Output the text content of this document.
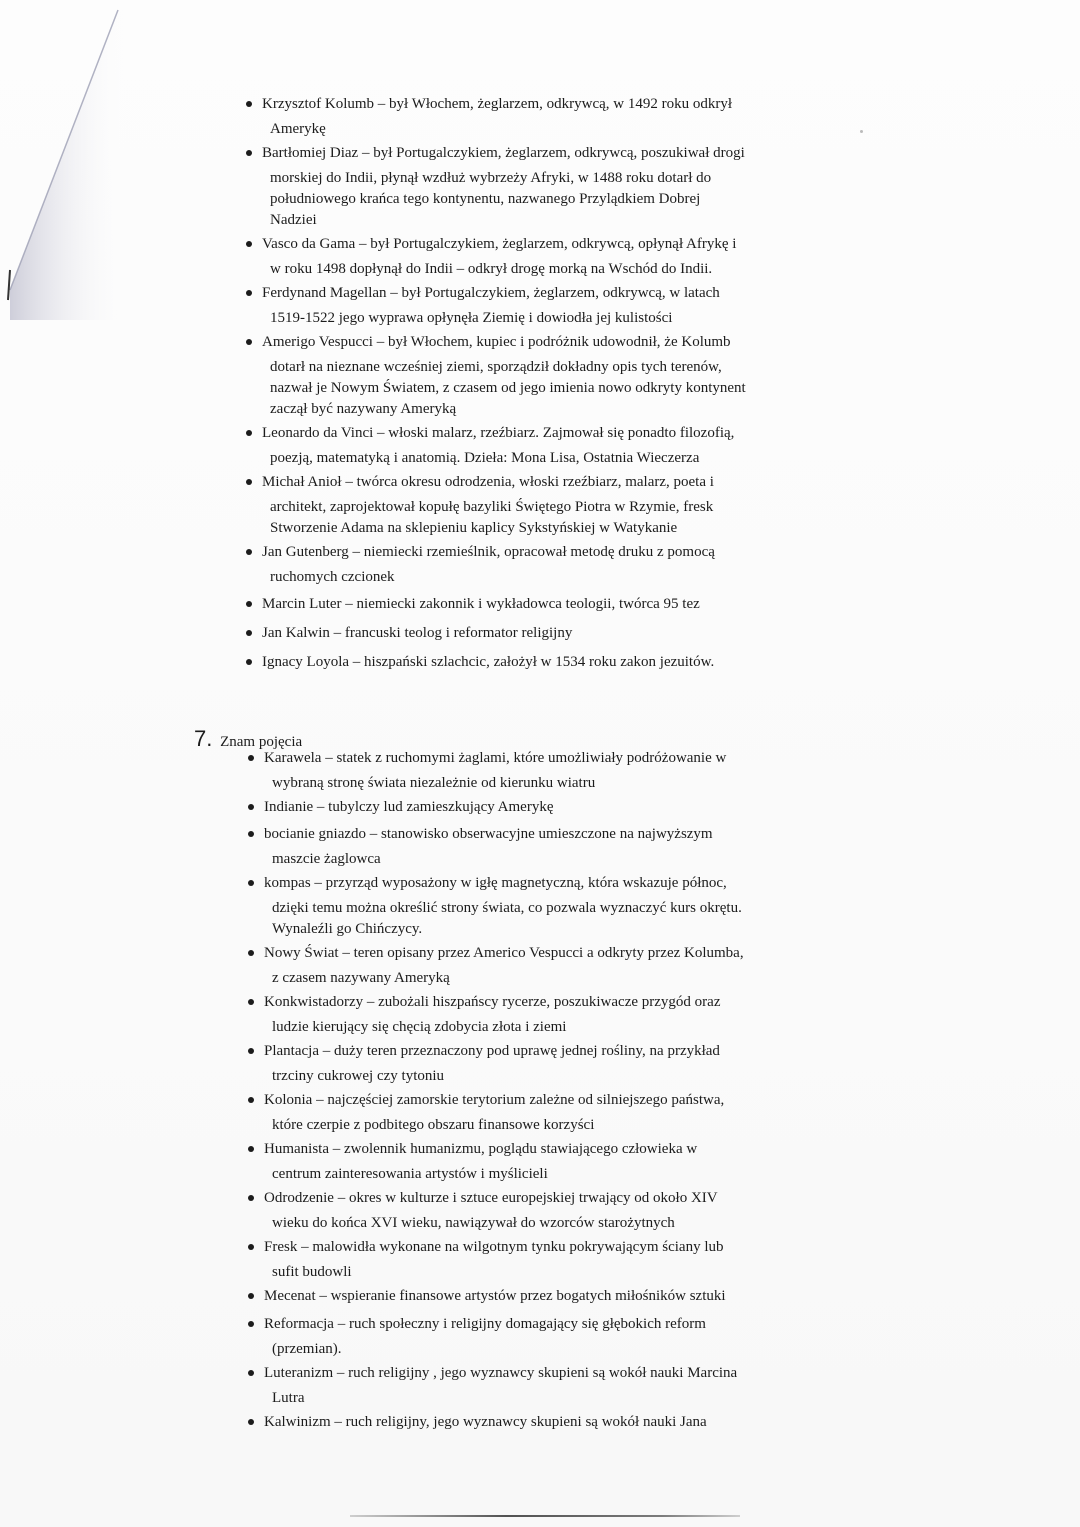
Krzysztof Kolumb – był Włochem, żeglarzem, odkrywcą, w 1492 roku odkrył
Amerykę
Bartłomiej Diaz – był Portugalczykiem, żeglarzem, odkrywcą, poszukiwał drogi
morskiej do Indii, płynął wzdłuż wybrzeży Afryki, w 1488 roku dotarł do
południowego krańca tego kontynentu, nazwanego Przylądkiem Dobrej
Nadziei
Vasco da Gama – był Portugalczykiem, żeglarzem, odkrywcą, opłynął Afrykę i
w roku 1498 dopłynął do Indii – odkrył drogę morką na Wschód do Indii.
Ferdynand Magellan – był Portugalczykiem, żeglarzem, odkrywcą, w latach
1519-1522 jego wyprawa opłynęła Ziemię i dowiodła jej kulistości
Amerigo Vespucci – był Włochem, kupiec i podróżnik udowodnił, że Kolumb
dotarł na nieznane wcześniej ziemi, sporządził dokładny opis tych terenów,
nazwał je Nowym Światem, z czasem od jego imienia nowo odkryty kontynent
zaczął być nazywany Ameryką
Leonardo da Vinci – włoski malarz, rzeźbiarz. Zajmował się ponadto filozofią,
poezją, matematyką i anatomią. Dzieła: Mona Lisa, Ostatnia Wieczerza
Michał Anioł – twórca okresu odrodzenia, włoski rzeźbiarz, malarz, poeta i
architekt, zaprojektował kopułę bazyliki Świętego Piotra w Rzymie, fresk
Stworzenie Adama na sklepieniu kaplicy Sykstyńskiej w Watykanie
Jan Gutenberg – niemiecki rzemieślnik, opracował metodę druku z pomocą
ruchomych czcionek
Marcin Luter – niemiecki zakonnik i wykładowca teologii, twórca 95 tez
Jan Kalwin – francuski teolog i reformator religijny
Ignacy Loyola – hiszpański szlachcic, założył w 1534 roku zakon jezuitów.
7. Znam pojęcia
Karawela – statek z ruchomymi żaglami, które umożliwiały podróżowanie w
wybraną stronę świata niezależnie od kierunku wiatru
Indianie – tubylczy lud zamieszkujący Amerykę
bocianie gniazdo – stanowisko obserwacyjne umieszczone na najwyższym
maszcie żaglowca
kompas – przyrząd wyposażony w igłę magnetyczną, która wskazuje północ,
dzięki temu można określić strony świata, co pozwala wyznaczyć kurs okrętu.
Wynaleźli go Chińczycy.
Nowy Świat – teren opisany przez Americo Vespucci a odkryty przez Kolumba,
z czasem nazywany Ameryką
Konkwistadorzy – zubożali hiszpańscy rycerze, poszukiwacze przygód oraz
ludzie kierujący się chęcią zdobycia złota i ziemi
Plantacja – duży teren przeznaczony pod uprawę jednej rośliny, na przykład
trzciny cukrowej czy tytoniu
Kolonia – najczęściej zamorskie terytorium zależne od silniejszego państwa,
które czerpie z podbitego obszaru finansowe korzyści
Humanista – zwolennik humanizmu, poglądu stawiającego człowieka w
centrum zainteresowania artystów i myślicieli
Odrodzenie – okres w kulturze i sztuce europejskiej trwający od około XIV
wieku do końca XVI wieku, nawiązywał do wzorców starożytnych
Fresk – malowidła wykonane na wilgotnym tynku pokrywającym ściany lub
sufit budowli
Mecenat – wspieranie finansowe artystów przez bogatych miłośników sztuki
Reformacja – ruch społeczny i religijny domagający się głębokich reform
(przemian).
Luteranizm – ruch religijny , jego wyznawcy skupieni są wokół nauki Marcina
Lutra
Kalwinizm – ruch religijny, jego wyznawcy skupieni są wokół nauki Jana
